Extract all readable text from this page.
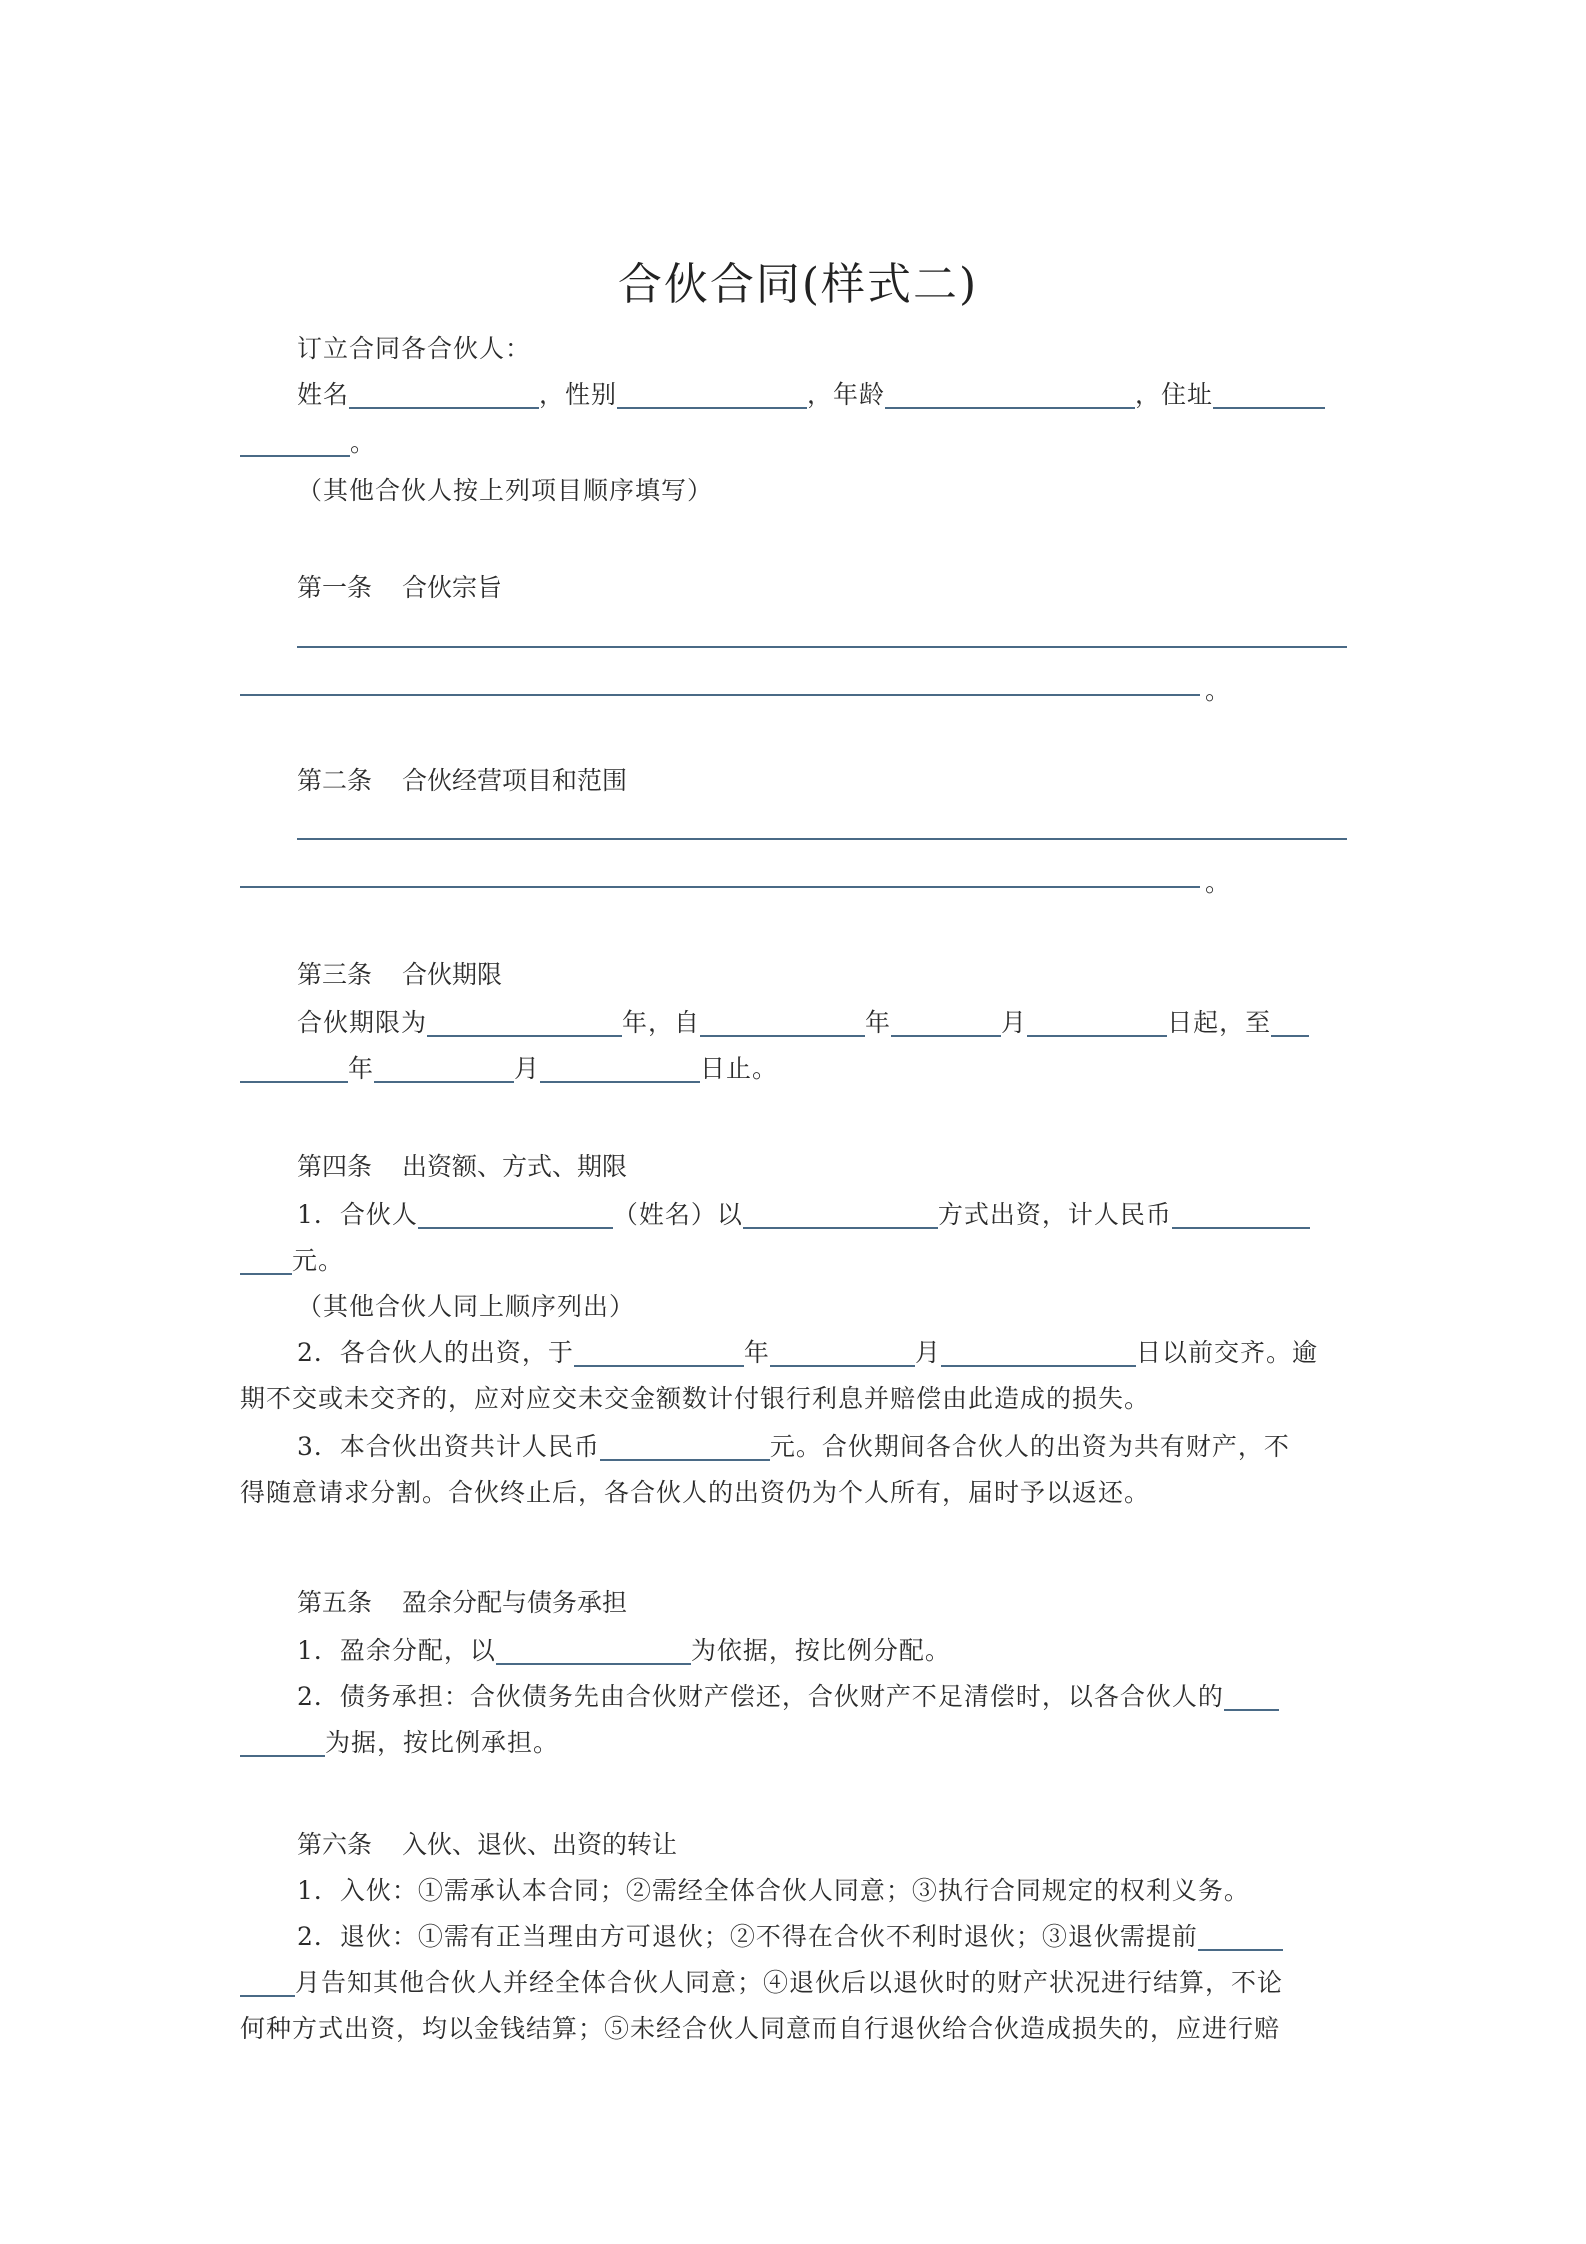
合伙合同(样式二)
订立合同各合伙人：
姓名	，性别	，年龄	，住址
。
（其他合伙人按上列项目顺序填写）
第一条 合伙宗旨
。
第二条 合伙经营项目和范围
。
第三条 合伙期限
合伙期限为	年，自	年	月	日起，至
年	月	日止。
第四条 出资额、方式、期限
1．合伙人	（姓名）以	方式出资，计人民币
元。
（其他合伙人同上顺序列出）
2．各合伙人的出资，于	年	月	日以前交齐。逾
期不交或未交齐的，应对应交未交金额数计付银行利息并赔偿由此造成的损失。
3．本合伙出资共计人民币	元。合伙期间各合伙人的出资为共有财产，不
得随意请求分割。合伙终止后，各合伙人的出资仍为个人所有，届时予以返还。
第五条 盈余分配与债务承担
1．盈余分配，以	为依据，按比例分配。
2．债务承担：合伙债务先由合伙财产偿还，合伙财产不足清偿时，以各合伙人的
为据，按比例承担。
第六条 入伙、退伙、出资的转让
1．入伙：①需承认本合同；②需经全体合伙人同意；③执行合同规定的权利义务。
2．退伙：①需有正当理由方可退伙；②不得在合伙不利时退伙；③退伙需提前
月告知其他合伙人并经全体合伙人同意；④退伙后以退伙时的财产状况进行结算，不论
何种方式出资，均以金钱结算；⑤未经合伙人同意而自行退伙给合伙造成损失的，应进行赔
